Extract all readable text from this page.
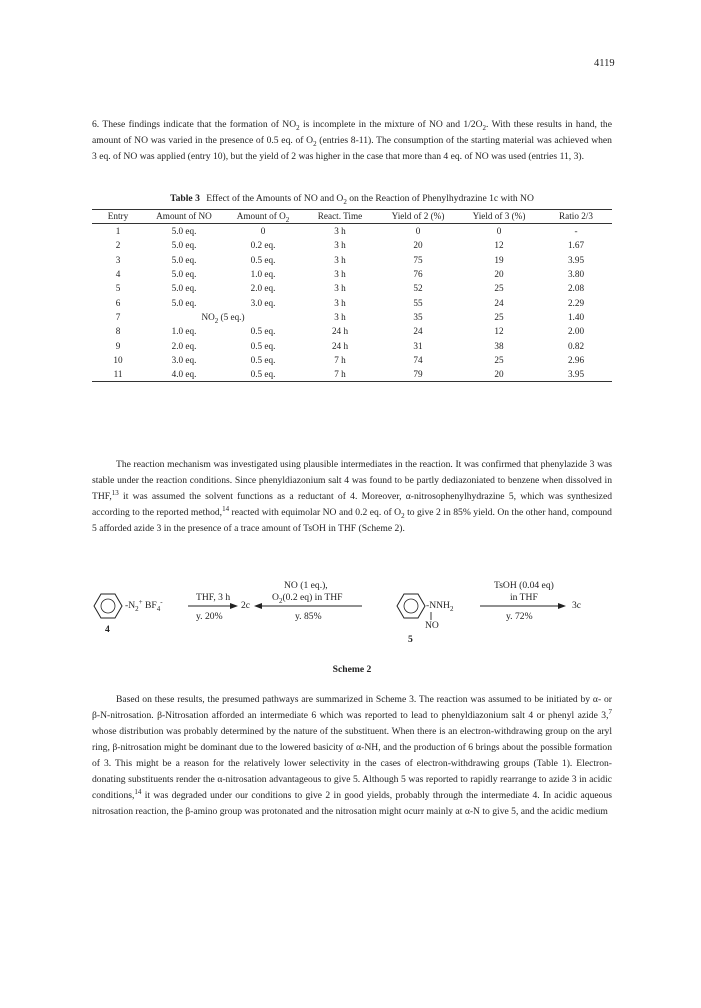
4119

6. These findings indicate that the formation of $NO_2$ is incomplete in the mixture of NO and $1/2O_2$. With these results in hand, the amount of NO was varied in the presence of 0.5 eq. of $O_2$ (entries 8-11). The consumption of the starting material was achieved when 3 eq. of NO was applied (entry 10), but the yield of 2 was higher in the case that more than 4 eq. of NO was used (entries 11, 3).

Table 3 Effect of the Amounts of NO and $O_2$ on the Reaction of Phenylhydrazine 1c with NO
Entry	Amount of NO	Amount of $O_2$	React. Time	Yield of 2 (%)	Yield of 3 (%)	Ratio 2/3
1	5.0 eq.	0	3 h	0	0	-
2	5.0 eq.	0.2 eq.	3 h	20	12	1.67
3	5.0 eq.	0.5 eq.	3 h	75	19	3.95
4	5.0 eq.	1.0 eq.	3 h	76	20	3.80
5	5.0 eq.	2.0 eq.	3 h	52	25	2.08
6	5.0 eq.	3.0 eq.	3 h	55	24	2.29
7	$NO_2$ (5 eq.)		3 h	35	25	1.40
8	1.0 eq.	0.5 eq.	24 h	24	12	2.00
9	2.0 eq.	0.5 eq.	24 h	31	38	0.82
10	3.0 eq.	0.5 eq.	7 h	74	25	2.96
11	4.0 eq.	0.5 eq.	7 h	79	20	3.95

The reaction mechanism was investigated using plausible intermediates in the reaction. It was confirmed that phenylazide 3 was stable under the reaction conditions. Since phenyldiazonium salt 4 was found to be partly dediazoniated to benzene when dissolved in THF,$^{13}$ it was assumed the solvent functions as a reductant of 4. Moreover, α-nitrosophenylhydrazine 5, which was synthesized according to the reported method,$^{14}$ reacted with equimolar NO and 0.2 eq. of $O_2$ to give 2 in 85% yield. On the other hand, compound 5 afforded azide 3 in the presence of a trace amount of TsOH in THF (Scheme 2).

$-N_2^+$ $BF_4^-$
4
THF, 3 h
y. 20%
2c
NO (1 eq.),
$O_2(0.2$ eq) in THF
y. 85%
$-NNH_2$
NO
5
TsOH (0.04 eq)
in THF
y. 72%
3c
Scheme 2

Based on these results, the presumed pathways are summarized in Scheme 3. The reaction was assumed to be initiated by α- or β-N-nitrosation. β-Nitrosation afforded an intermediate 6 which was reported to lead to phenyldiazonium salt 4 or phenyl azide 3,$^7$ whose distribution was probably determined by the nature of the substituent. When there is an electron-withdrawing group on the aryl ring, β-nitrosation might be dominant due to the lowered basicity of α-NH, and the production of 6 brings about the possible formation of 3. This might be a reason for the relatively lower selectivity in the cases of electron-withdrawing groups (Table 1). Electron-donating substituents render the α-nitrosation advantageous to give 5. Although 5 was reported to rapidly rearrange to azide 3 in acidic conditions,$^{14}$ it was degraded under our conditions to give 2 in good yields, probably through the intermediate 4. In acidic aqueous nitrosation reaction, the β-amino group was protonated and the nitrosation might ocurr mainly at α-N to give 5, and the acidic medium
